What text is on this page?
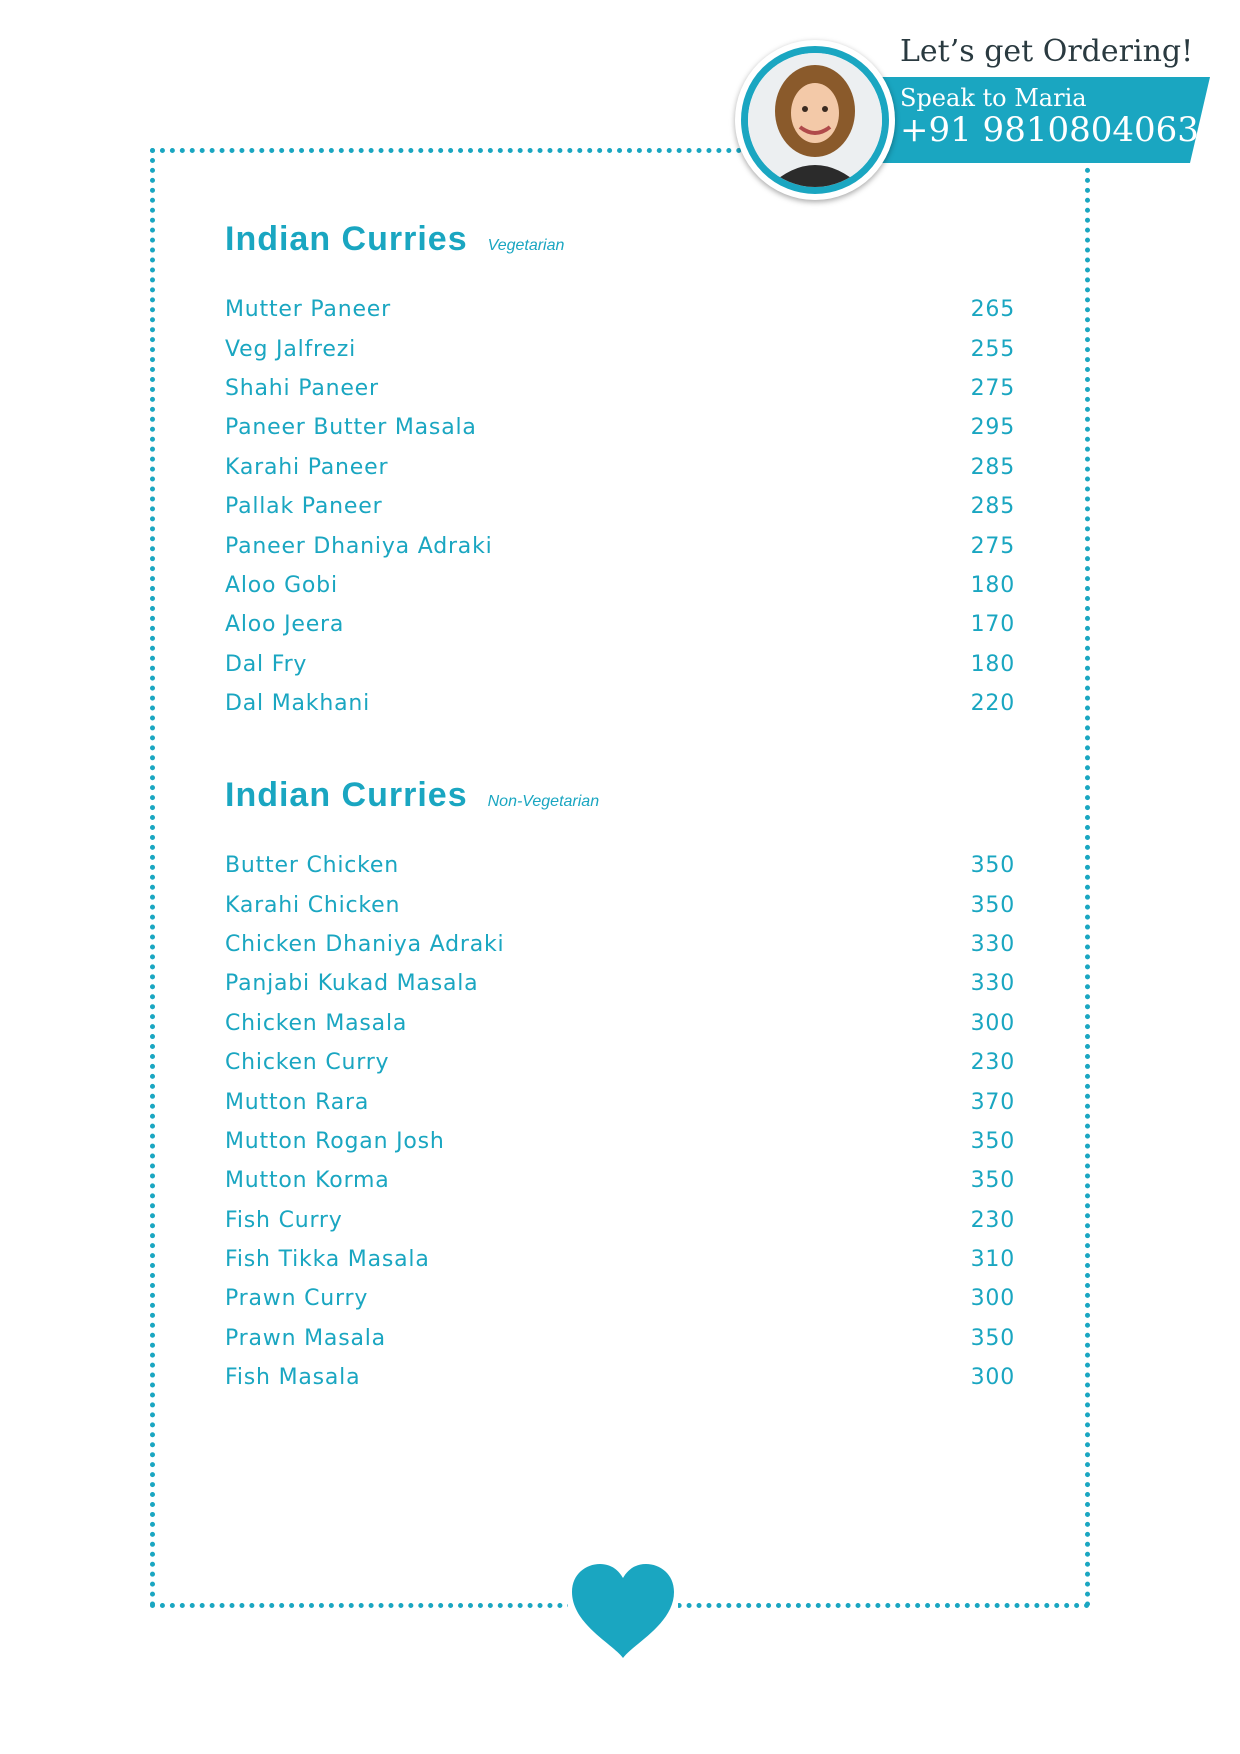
Let’s get Ordering!
Speak to Maria
+91 9810804063
Indian Curries Vegetarian
Mutter Paneer	265
Veg Jalfrezi	255
Shahi Paneer	275
Paneer Butter Masala	295
Karahi Paneer	285
Pallak Paneer	285
Paneer Dhaniya Adraki	275
Aloo Gobi	180
Aloo Jeera	170
Dal Fry	180
Dal Makhani	220
Indian Curries Non-Vegetarian
Butter Chicken	350
Karahi Chicken	350
Chicken Dhaniya Adraki	330
Panjabi Kukad Masala	330
Chicken Masala	300
Chicken Curry	230
Mutton Rara	370
Mutton Rogan Josh	350
Mutton Korma	350
Fish Curry	230
Fish Tikka Masala	310
Prawn Curry	300
Prawn Masala	350
Fish Masala	300
